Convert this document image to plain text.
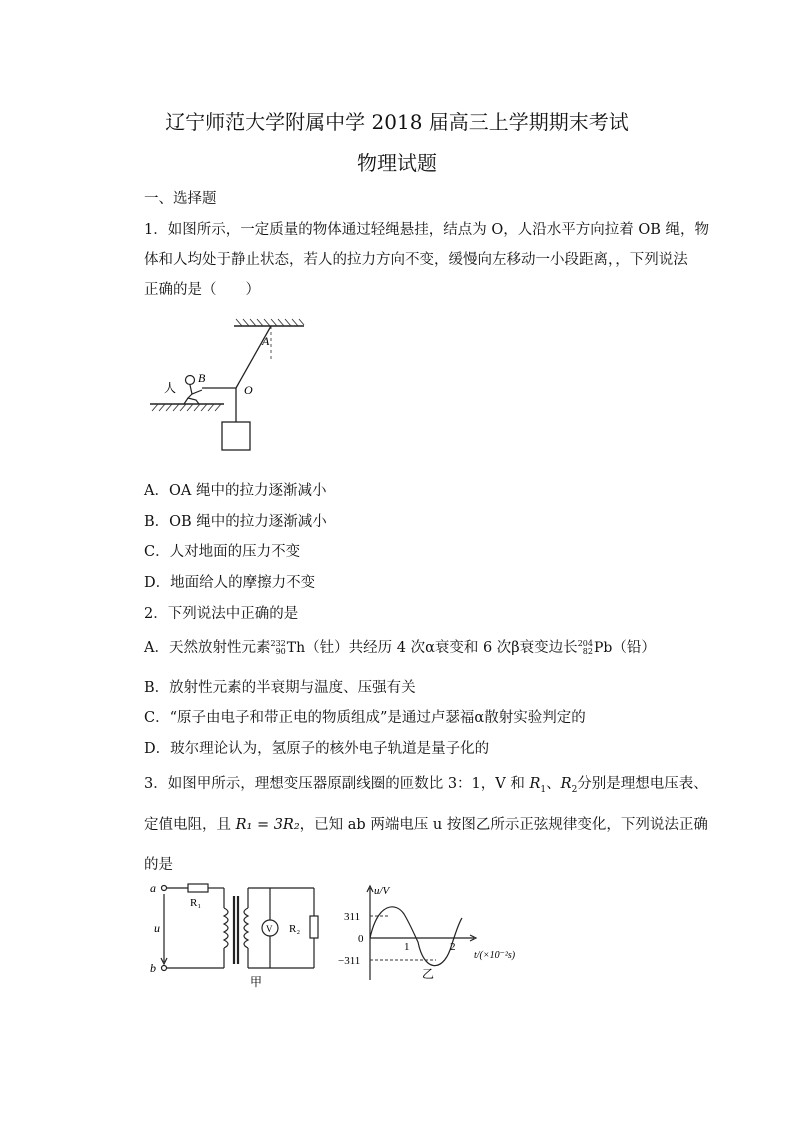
辽宁师范大学附属中学 2018 届高三上学期期末考试
物理试题
一、选择题
1．如图所示，一定质量的物体通过轻绳悬挂，结点为 O，人沿水平方向拉着 OB 绳，物
体和人均处于静止状态，若人的拉力方向不变，缓慢向左移动一小段距离，，下列说法
正确的是（　　）
A
B
O
人
A．OA 绳中的拉力逐渐减小
B．OB 绳中的拉力逐渐减小
C．人对地面的压力不变
D．地面给人的摩擦力不变
2．下列说法中正确的是
A．天然放射性元素 232
90 Th（钍）共经历 4 次α衰变和 6 次β衰变边长 204
82 Pb（铅）
B．放射性元素的半衰期与温度、压强有关
C．“原子由电子和带正电的物质组成”是通过卢瑟福α散射实验判定的
D．玻尔理论认为，氢原子的核外电子轨道是量子化的
3．如图甲所示，理想变压器原副线圈的匝数比 3：1，V 和 $R_1$、$R_2$分别是理想电压表、
定值电阻，且 R₁ = 3R₂，已知 ab 两端电压 u 按图乙所示正弦规律变化，下列说法正确
的是
a
b
u
R₁
R₂
V
甲
u/V
311
0
−311
1	2
t/(×10⁻²s)
乙
